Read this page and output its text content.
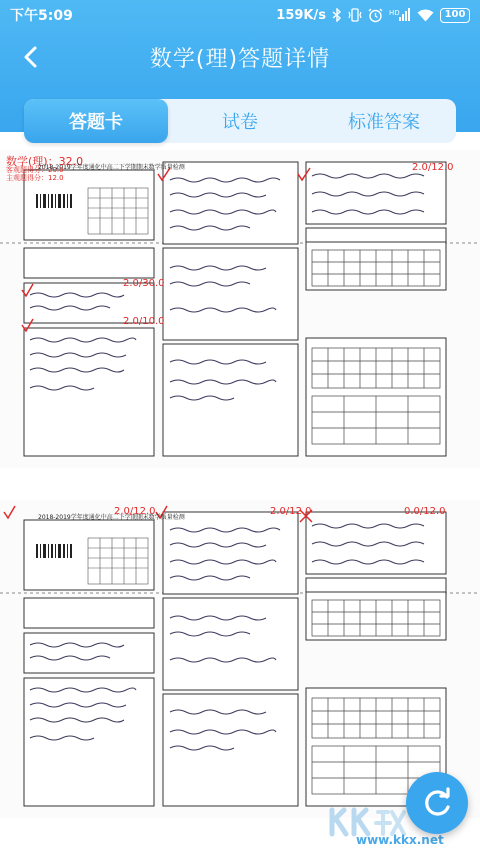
下午5:09	159K/s	HD	100
数学(理)答题详情
答题卡	试卷	标准答案
数学(理)：32.0
客观题得分：20.0
主观题得分：12.0
2018-2019学年度通化中高二下学期期末数学质量检测	2.0/12.0
2.0/30.0
2.0/10.0
2018-2019学年度通化中高二下学期期末数学质量检测
2.0/12.0	2.0/12.0	0.0/12.0
www.kkx.net
